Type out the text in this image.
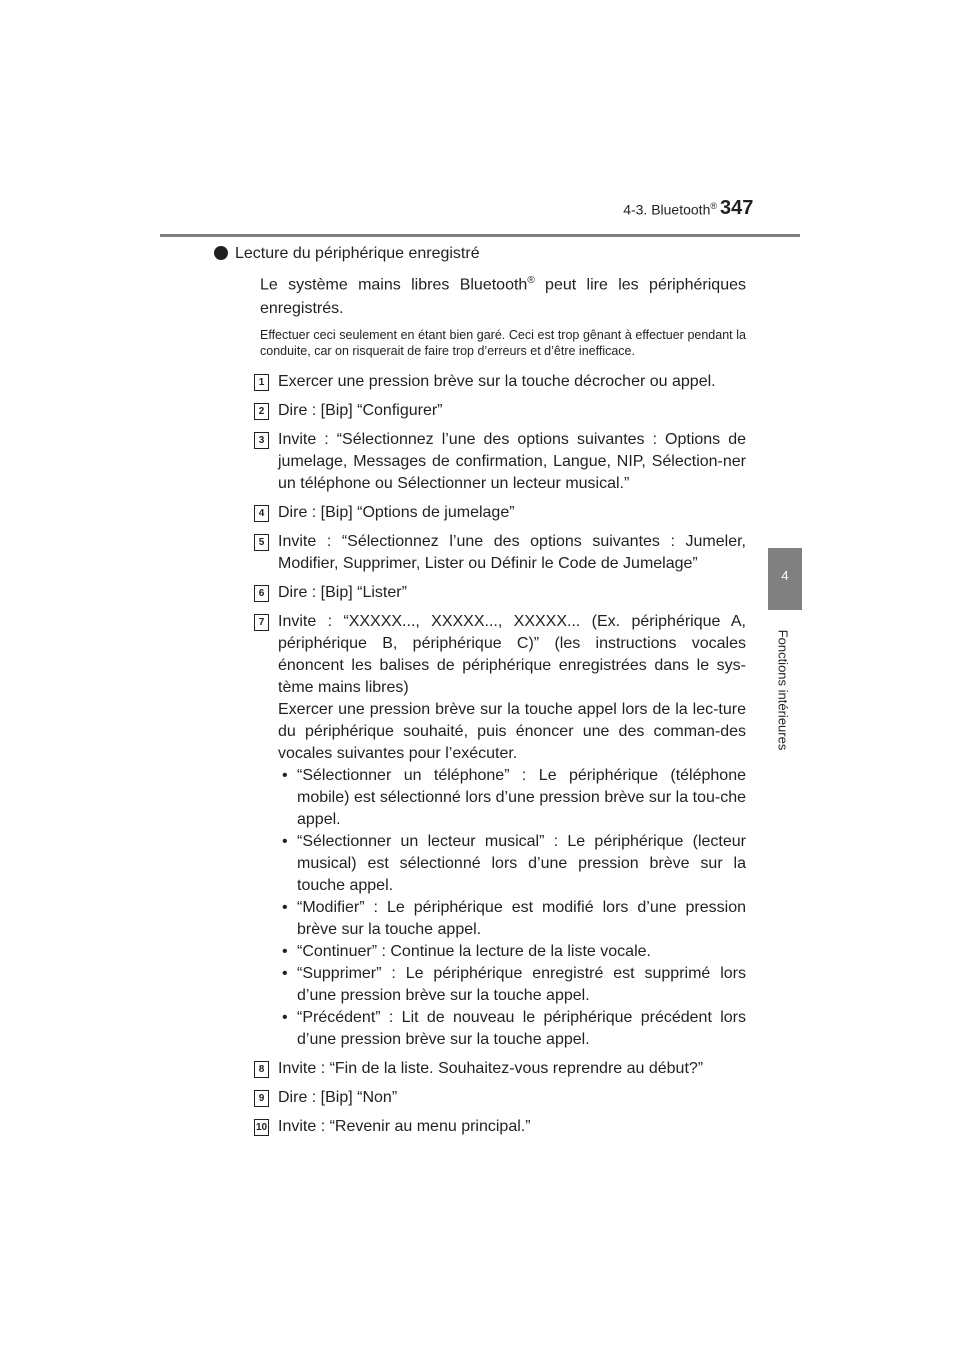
4-3. Bluetooth® 347
4
Fonctions intérieures
Lecture du périphérique enregistré
Le système mains libres Bluetooth® peut lire les périphériques enregistrés.
Effectuer ceci seulement en étant bien garé. Ceci est trop gênant à effectuer pendant la conduite, car on risquerait de faire trop d’erreurs et d’être inefficace.
1 Exercer une pression brève sur la touche décrocher ou appel.

2 Dire : [Bip] “Configurer”

3 Invite : “Sélectionnez l’une des options suivantes : Options de jumelage, Messages de confirmation, Langue, NIP, Sélection-ner un téléphone ou Sélectionner un lecteur musical.”

4 Dire : [Bip] “Options de jumelage”

5 Invite : “Sélectionnez l’une des options suivantes : Jumeler, Modifier, Supprimer, Lister ou Définir le Code de Jumelage”

6 Dire : [Bip] “Lister”

7 Invite : “XXXXX..., XXXXX..., XXXXX... (Ex. périphérique A, périphérique B, périphérique C)” (les instructions vocales énoncent les balises de périphérique enregistrées dans le sys-tème mains libres)

Exercer une pression brève sur la touche appel lors de la lec-ture du périphérique souhaité, puis énoncer une des comman-des vocales suivantes pour l’exécuter.

• “Sélectionner un téléphone” : Le périphérique (téléphone mobile) est sélectionné lors d’une pression brève sur la tou-che appel.
• “Sélectionner un lecteur musical” : Le périphérique (lecteur musical) est sélectionné lors d’une pression brève sur la touche appel.
• “Modifier” : Le périphérique est modifié lors d’une pression brève sur la touche appel.
• “Continuer” : Continue la lecture de la liste vocale.
• “Supprimer” : Le périphérique enregistré est supprimé lors d’une pression brève sur la touche appel.
• “Précédent” : Lit de nouveau le périphérique précédent lors d’une pression brève sur la touche appel.
8 Invite : “Fin de la liste. Souhaitez-vous reprendre au début?”

9 Dire : [Bip] “Non”

10 Invite : “Revenir au menu principal.”
